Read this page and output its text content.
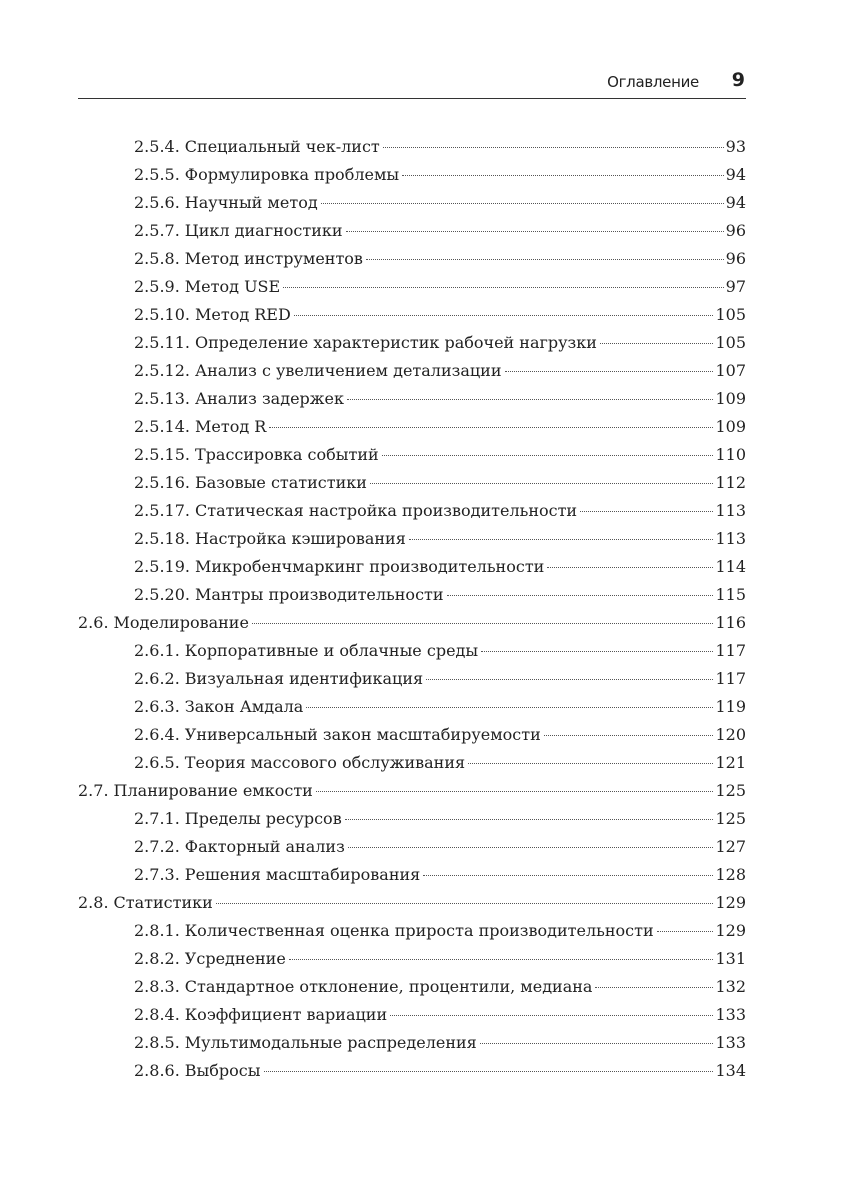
Оглавление 9
2.5.4. Специальный чек-лист	93
2.5.5. Формулировка проблемы	94
2.5.6. Научный метод	94
2.5.7. Цикл диагностики	96
2.5.8. Метод инструментов	96
2.5.9. Метод USE	97
2.5.10. Метод RED	105
2.5.11. Определение характеристик рабочей нагрузки	105
2.5.12. Анализ с увеличением детализации	107
2.5.13. Анализ задержек	109
2.5.14. Метод R	109
2.5.15. Трассировка событий	110
2.5.16. Базовые статистики	112
2.5.17. Статическая настройка производительности	113
2.5.18. Настройка кэширования	113
2.5.19. Микробенчмаркинг производительности	114
2.5.20. Мантры производительности	115
2.6. Моделирование	116
2.6.1. Корпоративные и облачные среды	117
2.6.2. Визуальная идентификация	117
2.6.3. Закон Амдала	119
2.6.4. Универсальный закон масштабируемости	120
2.6.5. Теория массового обслуживания	121
2.7. Планирование емкости	125
2.7.1. Пределы ресурсов	125
2.7.2. Факторный анализ	127
2.7.3. Решения масштабирования	128
2.8. Статистики	129
2.8.1. Количественная оценка прироста производительности	129
2.8.2. Усреднение	131
2.8.3. Стандартное отклонение, процентили, медиана	132
2.8.4. Коэффициент вариации	133
2.8.5. Мультимодальные распределения	133
2.8.6. Выбросы	134
